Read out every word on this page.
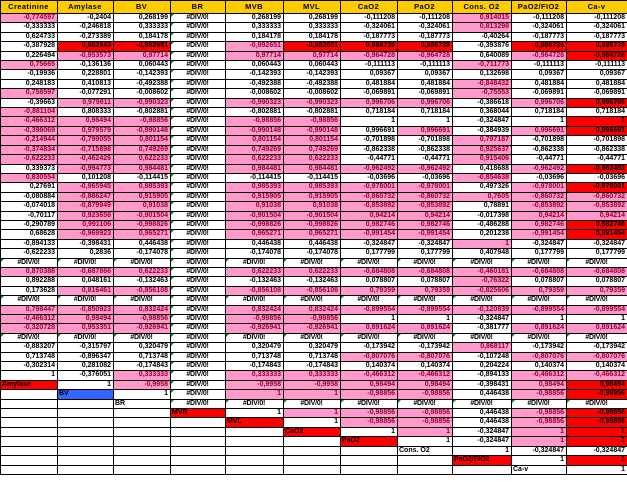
Creatinine	Amylase	BV	BR	MVB	MVL	CaO2	PaO2	Cons. O2	PaO2/FIO2	Ca-v
-0,774597	-0,2404	0,268199	#DIV/0!	0,268199	0,268199	-0,111208	-0,111208	0,914015	-0,111208	-0,111208
-0,333333	-0,246818	0,333333	#DIV/0!	0,333333	0,333333	-0,324061	-0,324061	0,813298	-0,324061	-0,324061
0,624733	-0,273389	0,184178	#DIV/0!	0,184178	0,184178	-0,187773	-0,187773	-0,40264	-0,187773	-0,187773
-0,387928	0,982943	-0,992651	#DIV/0!	-0,992651	-0,992651	0,996739	0,996739	-0,393876	0,996739	0,996739
0,226494	-0,953573	0,97714	#DIV/0!	0,97714	0,97714	-0,964728	-0,964728	0,640089	-0,964728	-0,964728
0,75665	-0,136136	0,060443	#DIV/0!	0,060443	0,060443	-0,111113	-0,111113	-0,711773	-0,111113	-0,111113
-0,19936	0,228801	-0,142393	#DIV/0!	-0,142393	-0,142393	0,09367	0,09367	0,132698	0,09367	0,09367
0,248183	0,410813	-0,492388	#DIV/0!	-0,492388	-0,492388	0,481884	0,481884	-0,848432	0,481884	0,481884
0,758597	-0,077291	-0,008602	#DIV/0!	-0,008602	-0,008602	-0,069891	-0,069891	-0,75553	-0,069891	-0,069891
-0,39663	0,979811	-0,990323	#DIV/0!	-0,990323	-0,990323	0,996706	0,996706	-0,386618	0,996706	0,996706
-0,881104	0,808333	-0,802881	#DIV/0!	-0,802881	-0,802881	0,718184	0,718184	0,368044	0,718184	0,718184
-0,466312	0,98494	-0,98856	#DIV/0!	-0,98856	-0,98856	1	1	-0,324847	1	1
-0,398069	0,979579	-0,990148	#DIV/0!	-0,990148	-0,990148	0,996691	0,996691	-0,384939	0,996691	0,996691
-0,214944	-0,799055	0,801154	#DIV/0!	0,801154	0,801154	-0,701898	-0,701898	0,797187	-0,701898	-0,701898
-0,374834	-0,715898	0,749269	#DIV/0!	0,749269	0,749269	-0,862338	-0,862338	0,925637	-0,862338	-0,862338
-0,622233	-0,462426	0,622233	#DIV/0!	0,622233	0,622233	-0,44771	-0,44771	0,915406	-0,44771	-0,44771
0,339373	-0,994773	0,984481	#DIV/0!	0,984481	0,984481	-0,962492	-0,962492	0,418688	-0,962492	-0,962492
0,830554	0,101208	-0,114415	#DIV/0!	-0,114415	-0,114415	-0,03696	-0,03696	-0,854638	-0,03696	-0,03696
0,27691	-0,965945	0,985393	#DIV/0!	0,985393	0,985393	-0,978001	-0,978001	0,497326	-0,978001	-0,978001
-0,080884	-0,886247	0,915905	#DIV/0!	0,915905	0,915905	-0,860732	-0,860732	0,7605	-0,860732	-0,860732
-0,074018	-0,879949	0,91038	#DIV/0!	0,91038	0,91038	-0,853892	-0,853892	0,78891	-0,853892	-0,853892
-0,70117	0,923656	-0,901504	#DIV/0!	-0,901504	-0,901504	0,94214	0,94214	-0,017398	0,94214	0,94214
-0,290789	0,991106	-0,998826	#DIV/0!	-0,998826	-0,998826	0,982746	0,982746	-0,486288	0,982746	0,982746
0,68628	-0,969923	0,965271	#DIV/0!	0,965271	0,965271	-0,991454	-0,991454	0,201238	-0,991454	-0,991454
-0,894133	-0,398431	0,446438	#DIV/0!	0,446438	0,446438	-0,324847	-0,324847	1	-0,324847	-0,324847
-0,622233	0,2836	-0,174078	#DIV/0!	-0,174078	-0,174078	0,177799	0,177799	0,407948	0,177799	0,177799
#DIV/0!	#DIV/0!	#DIV/0!	#DIV/0!	#DIV/0!	#DIV/0!	#DIV/0!	#DIV/0!	#DIV/0!	#DIV/0!	#DIV/0!
0,870388	-0,687866	0,622233	#DIV/0!	0,622233	0,622233	-0,684808	-0,684808	-0,460181	-0,684808	-0,684808
0,892288	0,048161	-0,132463	#DIV/0!	-0,132463	-0,132463	0,078807	0,078807	-0,76322	0,078807	0,078807
0,173628	0,816461	-0,856108	#DIV/0!	-0,856108	-0,856108	0,79359	0,79359	-0,825606	0,79359	0,79359
#DIV/0!	#DIV/0!	#DIV/0!	#DIV/0!	#DIV/0!	#DIV/0!	#DIV/0!	#DIV/0!	#DIV/0!	#DIV/0!	#DIV/0!
0,798447	-0,850923	0,832424	#DIV/0!	0,832424	0,832424	-0,899554	-0,899554	-0,120839	-0,899554	-0,899554
-0,466312	0,98494	-0,98856	#DIV/0!	-0,98856	-0,98856	1	1	-0,324847	1	1
-0,320728	0,953351	-0,926941	#DIV/0!	-0,926941	-0,926941	0,891624	0,891624	-0,381777	0,891624	0,891624
#DIV/0!	#DIV/0!	#DIV/0!	#DIV/0!	#DIV/0!	#DIV/0!	#DIV/0!	#DIV/0!	#DIV/0!	#DIV/0!	#DIV/0!
-0,883207	-0,315797	0,320479	#DIV/0!	0,320479	0,320479	-0,173942	-0,173942	0,868117	-0,173942	-0,173942
0,713748	-0,896347	0,713748	#DIV/0!	0,713748	0,713748	-0,807076	-0,807076	-0,107248	-0,807076	-0,807076
-0,302314	0,281082	-0,174843	#DIV/0!	-0,174843	-0,174843	0,140374	0,140374	0,204224	0,140374	0,140374
1	-0,376051	0,333333	#DIV/0!	0,333333	0,333333	-0,466312	-0,466312	-0,894133	-0,466312	-0,466312
Amylase	1	-0,9958	#DIV/0!	-0,9958	-0,9958	0,98494	0,98494	-0,398431	0,98494	0,98494
	BV	1	#DIV/0!	1	1	-0,98856	-0,98856	0,446438	-0,98856	-0,98856
		BR	#DIV/0!	#DIV/0!	#DIV/0!	#DIV/0!	#DIV/0!	#DIV/0!	#DIV/0!	#DIV/0!
			MVB	1	1	-0,98856	-0,98856	0,446438	-0,98856	-0,98856
				MVL	1	-0,98856	-0,98856	0,446438	-0,98856	-0,98856
					CaO2	1	1	-0,324847	1	1
						PaO2	1	-0,324847	1	1
							Cons. O2	1	-0,324847	-0,324847
								PaO2/FIO2	1	1
									Ca-v	1
